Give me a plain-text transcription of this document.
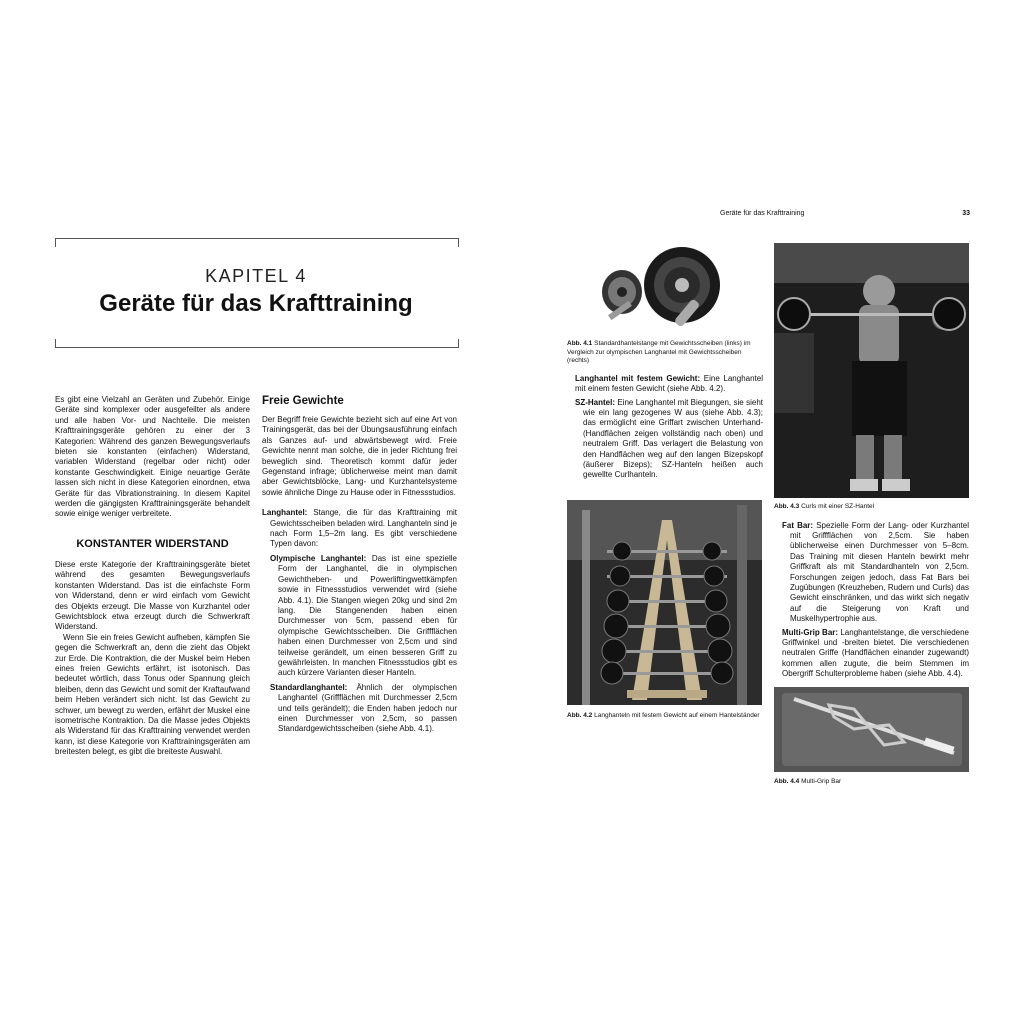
Geräte für das Krafttraining	33
KAPITEL 4
Geräte für das Krafttraining

Es gibt eine Vielzahl an Geräten und Zubehör. Einige Geräte sind komplexer oder ausgefeilter als andere und alle haben Vor- und Nachteile. Die meisten Krafttrainingsgeräte gehören zu einer der 3 Kategorien: Während des ganzen Bewegungsverlaufs bieten sie konstanten (einfachen) Widerstand, variablen Widerstand (regelbar oder nicht) oder konstante Geschwindigkeit. Einige neuartige Geräte lassen sich nicht in diese Kategorien einordnen, etwa Geräte für das Vibrationstraining. In diesem Kapitel werden die gängigsten Krafttrainingsgeräte behandelt sowie einige weniger verbreitete.

KONSTANTER WIDERSTAND

Diese erste Kategorie der Krafttrainingsgeräte bietet während des gesamten Bewegungsverlaufs konstanten Widerstand. Das ist die einfachste Form von Widerstand, denn er wird einfach vom Gewicht des Objekts erzeugt. Die Masse von Kurzhantel oder Gewichtsblock etwa erzeugt durch die Schwerkraft Widerstand.

Wenn Sie ein freies Gewicht aufheben, kämpfen Sie gegen die Schwerkraft an, denn die zieht das Objekt zur Erde. Die Kontraktion, die der Muskel beim Heben eines freien Gewichts erfährt, ist isotonisch. Das bedeutet wörtlich, dass Tonus oder Spannung gleich bleiben, denn das Gewicht und somit der Kraftaufwand beim Heben verändert sich nicht. Ist das Gewicht zu schwer, um bewegt zu werden, erfährt der Muskel eine isometrische Kontraktion. Da die Masse jedes Objekts als Widerstand für das Krafttraining verwendet werden kann, ist diese Kategorie von Krafttrainingsgeräten am breitesten belegt, es gibt die breiteste Auswahl.

Freie Gewichte

Der Begriff freie Gewichte bezieht sich auf eine Art von Trainingsgerät, das bei der Übungsausführung einfach als Ganzes auf- und abwärtsbewegt wird. Freie Gewichte nennt man solche, die in jeder Richtung frei beweglich sind. Theoretisch kommt dafür jeder Gegenstand infrage; üblicherweise meint man damit aber Gewichtsblöcke, Lang- und Kurzhantelsysteme sowie ähnliche Dinge zu Hause oder in Fitnessstudios.

Langhantel: Stange, die für das Krafttraining mit Gewichtsscheiben beladen wird. Langhanteln sind je nach Form 1,5–2m lang. Es gibt verschiedene Typen davon:

Olympische Langhantel: Das ist eine spezielle Form der Langhantel, die in olympischen Gewichtheben- und Powerliftingwettkämpfen sowie in Fitnessstudios verwendet wird (siehe Abb. 4.1). Die Stangen wiegen 20kg und sind 2m lang. Die Stangenenden haben einen Durchmesser von 5cm, passend eben für olympische Gewichtsscheiben. Die Griffflächen haben einen Durchmesser von 2,5cm und sind teilweise gerändelt, um einen besseren Griff zu gewährleisten. In manchen Fitnessstudios gibt es auch kürzere Varianten dieser Hanteln.

Standardlanghantel: Ähnlich der olympischen Langhantel (Griffflächen mit Durchmesser 2,5cm und teils gerändelt); die Enden haben jedoch nur einen Durchmesser von 2,5cm, so passen Standardgewichtsscheiben (siehe Abb. 4.1).

Abb. 4.1 Standardhantelstange mit Gewichtsscheiben (links) im Vergleich zur olympischen Langhantel mit Gewichtsscheiben (rechts)

Langhantel mit festem Gewicht: Eine Langhantel mit einem festen Gewicht (siehe Abb. 4.2).

SZ-Hantel: Eine Langhantel mit Biegungen, sie sieht wie ein lang gezogenes W aus (siehe Abb. 4.3); das ermöglicht eine Griffart zwischen Unterhand- (Handflächen zeigen vollständig nach oben) und neutralem Griff. Das verlagert die Belastung von den Handflächen weg auf den langen Bizepskopf (äußerer Bizeps); SZ-Hanteln heißen auch gewellte Curlhanteln.

Abb. 4.2 Langhanteln mit festem Gewicht auf einem Hantelständer

Abb. 4.3 Curls mit einer SZ-Hantel

Fat Bar: Spezielle Form der Lang- oder Kurzhantel mit Griffflächen von 2,5cm. Sie haben üblicherweise einen Durchmesser von 5–8cm. Das Training mit diesen Hanteln bewirkt mehr Griffkraft als mit Standardhanteln von 2,5cm. Forschungen zeigen jedoch, dass Fat Bars bei Zugübungen (Kreuzheben, Rudern und Curls) das Gewicht einschränken, und das wirkt sich negativ auf die Steigerung von Kraft und Muskelhypertrophie aus.

Multi-Grip Bar: Langhantelstange, die verschiedene Griffwinkel und -breiten bietet. Die verschiedenen neutralen Griffe (Handflächen einander zugewandt) kommen allen zugute, die beim Stemmen im Obergriff Schulterprobleme haben (siehe Abb. 4.4).

Abb. 4.4 Multi-Grip Bar
